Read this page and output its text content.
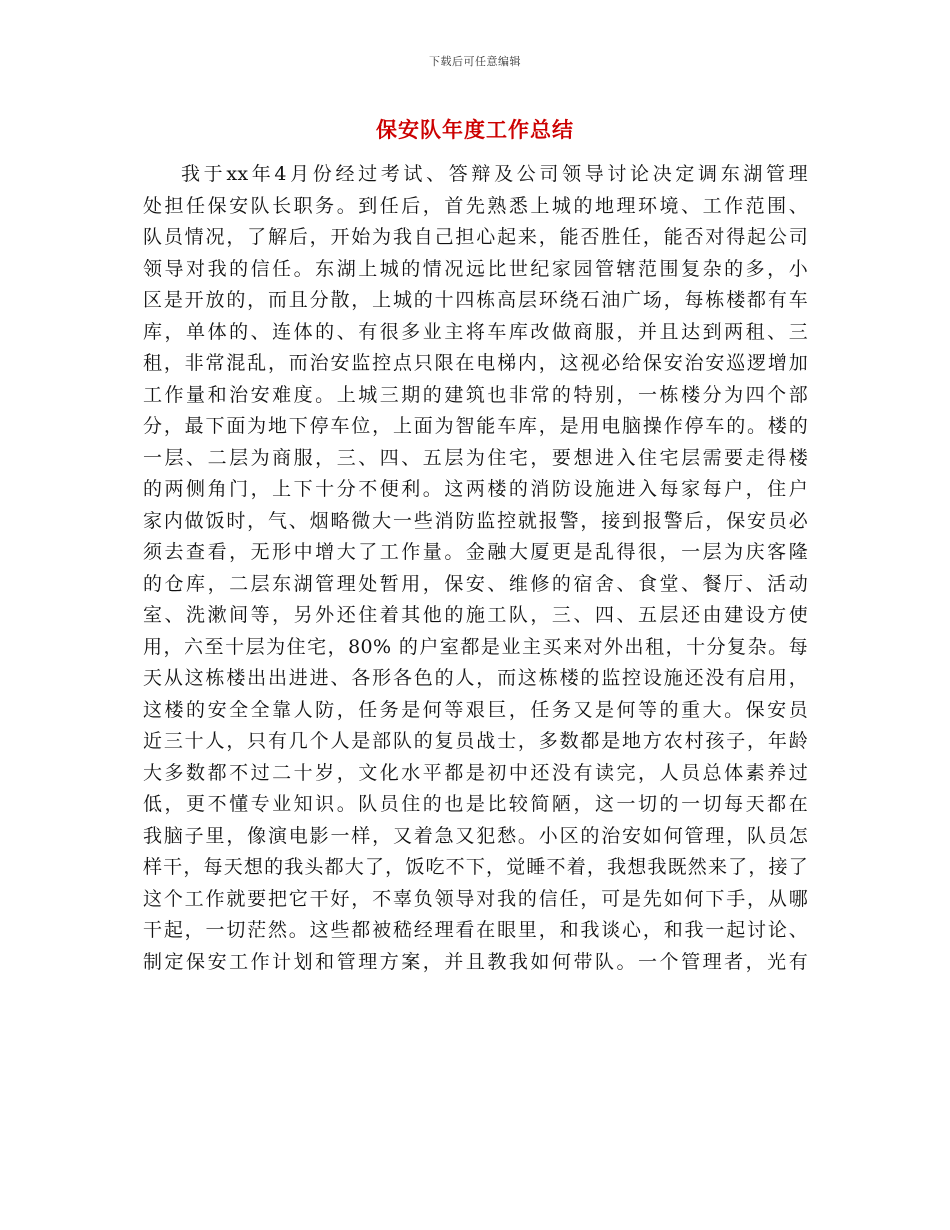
下载后可任意编辑
保安队年度工作总结
我于xx年4月份经过考试、答辩及公司领导讨论决定调东湖管理
处担任保安队长职务。到任后，首先熟悉上城的地理环境、工作范围、
队员情况，了解后，开始为我自己担心起来，能否胜任，能否对得起公司
领导对我的信任。东湖上城的情况远比世纪家园管辖范围复杂的多，小
区是开放的，而且分散，上城的十四栋高层环绕石油广场，每栋楼都有车
库，单体的、连体的、有很多业主将车库改做商服，并且达到两租、三
租，非常混乱，而治安监控点只限在电梯内，这视必给保安治安巡逻增加
工作量和治安难度。上城三期的建筑也非常的特别，一栋楼分为四个部
分，最下面为地下停车位，上面为智能车库，是用电脑操作停车的。楼的
一层、二层为商服，三、四、五层为住宅，要想进入住宅层需要走得楼
的两侧角门，上下十分不便利。这两楼的消防设施进入每家每户，住户
家内做饭时，气、烟略微大一些消防监控就报警，接到报警后，保安员必
须去查看，无形中增大了工作量。金融大厦更是乱得很，一层为庆客隆
的仓库，二层东湖管理处暂用，保安、维修的宿舍、食堂、餐厅、活动
室、洗漱间等，另外还住着其他的施工队，三、四、五层还由建设方使
用，六至十层为住宅，80% 的户室都是业主买来对外出租，十分复杂。每
天从这栋楼出出进进、各形各色的人，而这栋楼的监控设施还没有启用，
这楼的安全全靠人防，任务是何等艰巨，任务又是何等的重大。保安员
近三十人，只有几个人是部队的复员战士，多数都是地方农村孩子，年龄
大多数都不过二十岁，文化水平都是初中还没有读完，人员总体素养过
低，更不懂专业知识。队员住的也是比较简陋，这一切的一切每天都在
我脑子里，像演电影一样，又着急又犯愁。小区的治安如何管理，队员怎
样干，每天想的我头都大了，饭吃不下，觉睡不着，我想我既然来了，接了
这个工作就要把它干好，不辜负领导对我的信任，可是先如何下手，从哪
干起，一切茫然。这些都被嵇经理看在眼里，和我谈心，和我一起讨论、
制定保安工作计划和管理方案，并且教我如何带队。一个管理者，光有
